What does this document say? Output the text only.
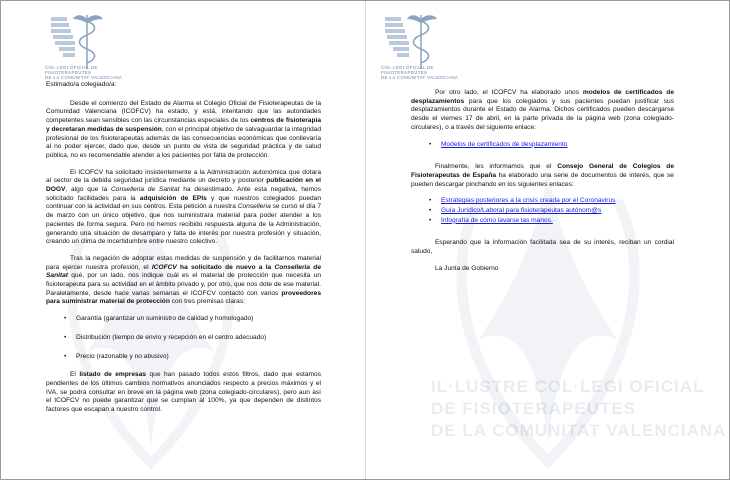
COL·LEGI OFICIAL DE
FISIOTERAPEUTES
DE LA COMUNITAT VALENCIANA

Estimado/a colegiado/a:

Desde el comienzo del Estado de Alarma el Colegio Oficial de Fisioterapeutas de la Comunidad Valenciana (ICOFCV) ha estado, y está, intentando que las autoridades competentes sean sensibles con las circunstancias especiales de los centros de fisioterapia y decretaran medidas de suspensión, con el principal objetivo de salvaguardar la integridad profesional de los fisioterapeutas además de las consecuencias económicas que conllevaría al no poder ejercer, dado que, desde un punto de vista de seguridad práctica y de salud pública, no es recomendable atender a los pacientes por falta de protección.

El ICOFCV ha solicitado insistentemente a la Administración autonómica que dotara al sector de la debida seguridad jurídica mediante un decreto y posterior publicación en el DOGV, algo que la Conselleria de Sanitat ha desestimado. Ante esta negativa, hemos solicitado facilidades para la adquisición de EPIs y que nuestros colegiados puedan continuar con la actividad en sus centros. Esta petición a nuestra Conselleria se cursó el día 7 de marzo con un único objetivo, que nos suministrara material para poder atender a los pacientes de forma segura. Pero no hemos recibido respuesta alguna de la Administración, generando una situación de desamparo y falta de interés por nuestra profesión y situación, creando un clima de incertidumbre entre nuestro colectivo.

Tras la negación de adoptar estas medidas de suspensión y de facilitarnos material para ejercer nuestra profesión, el ICOFCV ha solicitado de nuevo a la Conselleria de Sanitat qué, por un lado, nos indique cuál es el material de protección que necesita un fisioterapeuta para su actividad en el ámbito privado y, por otro, que nos dote de ese material. Paralelamente, desde hace varias semanas el ICOFCV contactó con varios proveedores para suministrar material de protección con tres premisas claras:

• Garantía (garantizar un suministro de calidad y homologado)
• Distribución (tiempo de envío y recepción en el centro adecuado)
• Precio (razonable y no abusivo)

El listado de empresas que han pasado todos estos filtros, dado que estamos pendientes de los últimos cambios normativos anunciados respecto a precios máximos y el IVA, se podrá consultar en breve en la página web (zona colegiado-circulares), pero aun así el ICOFCV no puede garantizar que se cumplan al 100%, ya que dependen de distintos factores que escapan a nuestro control.

IL·LUSTRE COL·LEGI OFICIAL
DE FISIOTERAPEUTES
DE LA COMUNITAT VALENCIANA
COL·LEGI OFICIAL DE
FISIOTERAPEUTES
DE LA COMUNITAT VALENCIANA

Por otro lado, el ICOFCV ha elaborado unos modelos de certificados de desplazamientos para que los colegiados y sus pacientes puedan justificar sus desplazamientos durante el Estado de Alarma. Dichos certificados pueden descargarse desde el viernes 17 de abril, en la parte privada de la página web (zona colegiado-circulares), o a través del siguiente enlace:

• Modelos de certificados de desplazamiento

Finalmente, les informamos que el Consejo General de Colegios de Fisioterapeutas de España ha elaborado una serie de documentos de interés, que se pueden descargar pinchando en los siguientes enlaces:

• Estrategias posteriores a la crisis creada por el Coronavirus
• Guía Jurídico/Laboral para fisioterapeutas autónom@s
• Infografía de cómo lavarse las manos.

Esperando que la información facilitada sea de su interés, reciban un cordial saludo,

La Junta de Gobierno
